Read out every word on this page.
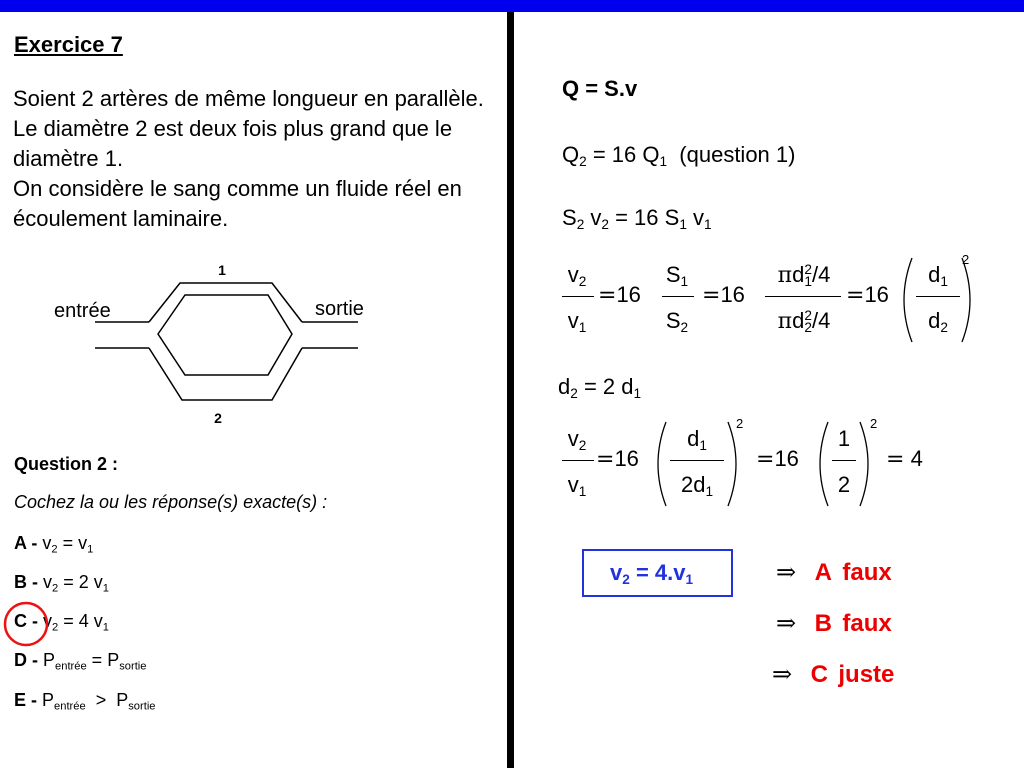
Exercice 7

Soient 2 artères de même longueur en parallèle. Le diamètre 2 est deux fois plus grand que le diamètre 1.

On considère le sang comme un fluide réel en écoulement laminaire.

1
2
entrée	sortie
Question 2 :
Cochez la ou les réponse(s) exacte(s) :
$A - v_2 = v_1$
$B - v_2 = 2$ $v_1$
$C - v_2 = 4$ $v_1$
$D - P_{entrée} = P_{sortie}$
$E - P_{entrée} > P_{sortie}$
Q = S.v
$Q_2 = 16$ $Q_1$  (question 1)
$S_2$ $v_2 = 16$ $S_1$ $v_1$
$v_2$
$v_1$
=16
$S_1$
$S_2$
=16
$\pi d^2_1/4$
$\pi d^2_2/4$
=16
$d_1$
$d_2$
2
$d_2 = 2$ $d_1$
$v_2$
$v_1$
=16
$d_1$
$2d_1$
2
=16
1
2
2
= 4
$v_2 = 4.v_1$	⇒ A faux
⇒ B faux
⇒ C juste
